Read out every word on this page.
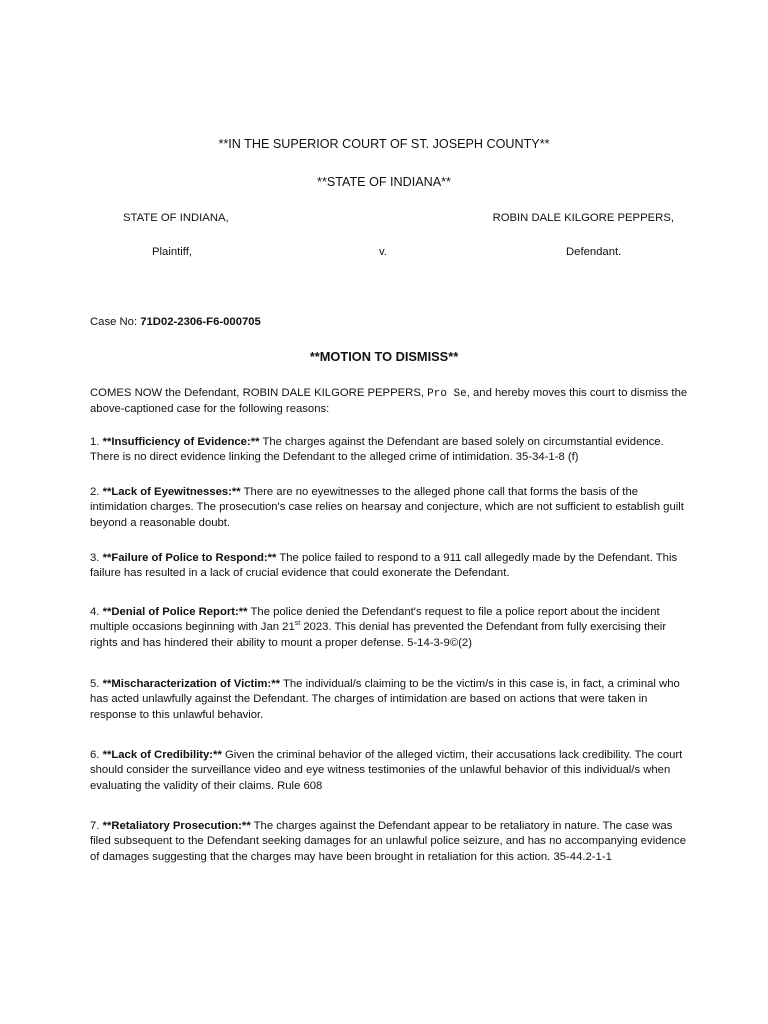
**IN THE SUPERIOR COURT OF ST. JOSEPH COUNTY**
**STATE OF INDIANA**
STATE OF INDIANA,	ROBIN DALE KILGORE PEPPERS,
Plaintiff,	v.	Defendant.
Case No: 71D02-2306-F6-000705
**MOTION TO DISMISS**
COMES NOW the Defendant, ROBIN DALE KILGORE PEPPERS, Pro Se, and hereby moves this court to dismiss the above-captioned case for the following reasons:
1. **Insufficiency of Evidence:** The charges against the Defendant are based solely on circumstantial evidence. There is no direct evidence linking the Defendant to the alleged crime of intimidation. 35-34-1-8 (f)
2. **Lack of Eyewitnesses:** There are no eyewitnesses to the alleged phone call that forms the basis of the intimidation charges. The prosecution's case relies on hearsay and conjecture, which are not sufficient to establish guilt beyond a reasonable doubt.
3. **Failure of Police to Respond:** The police failed to respond to a 911 call allegedly made by the Defendant. This failure has resulted in a lack of crucial evidence that could exonerate the Defendant.
4. **Denial of Police Report:** The police denied the Defendant's request to file a police report about the incident multiple occasions beginning with Jan 21st 2023. This denial has prevented the Defendant from fully exercising their rights and has hindered their ability to mount a proper defense. 5-14-3-9©(2)
5. **Mischaracterization of Victim:** The individual/s claiming to be the victim/s in this case is, in fact, a criminal who has acted unlawfully against the Defendant. The charges of intimidation are based on actions that were taken in response to this unlawful behavior.
6. **Lack of Credibility:** Given the criminal behavior of the alleged victim, their accusations lack credibility. The court should consider the surveillance video and eye witness testimonies of the unlawful behavior of this individual/s when evaluating the validity of their claims. Rule 608
7. **Retaliatory Prosecution:** The charges against the Defendant appear to be retaliatory in nature. The case was filed subsequent to the Defendant seeking damages for an unlawful police seizure, and has no accompanying evidence of damages suggesting that the charges may have been brought in retaliation for this action. 35-44.2-1-1
